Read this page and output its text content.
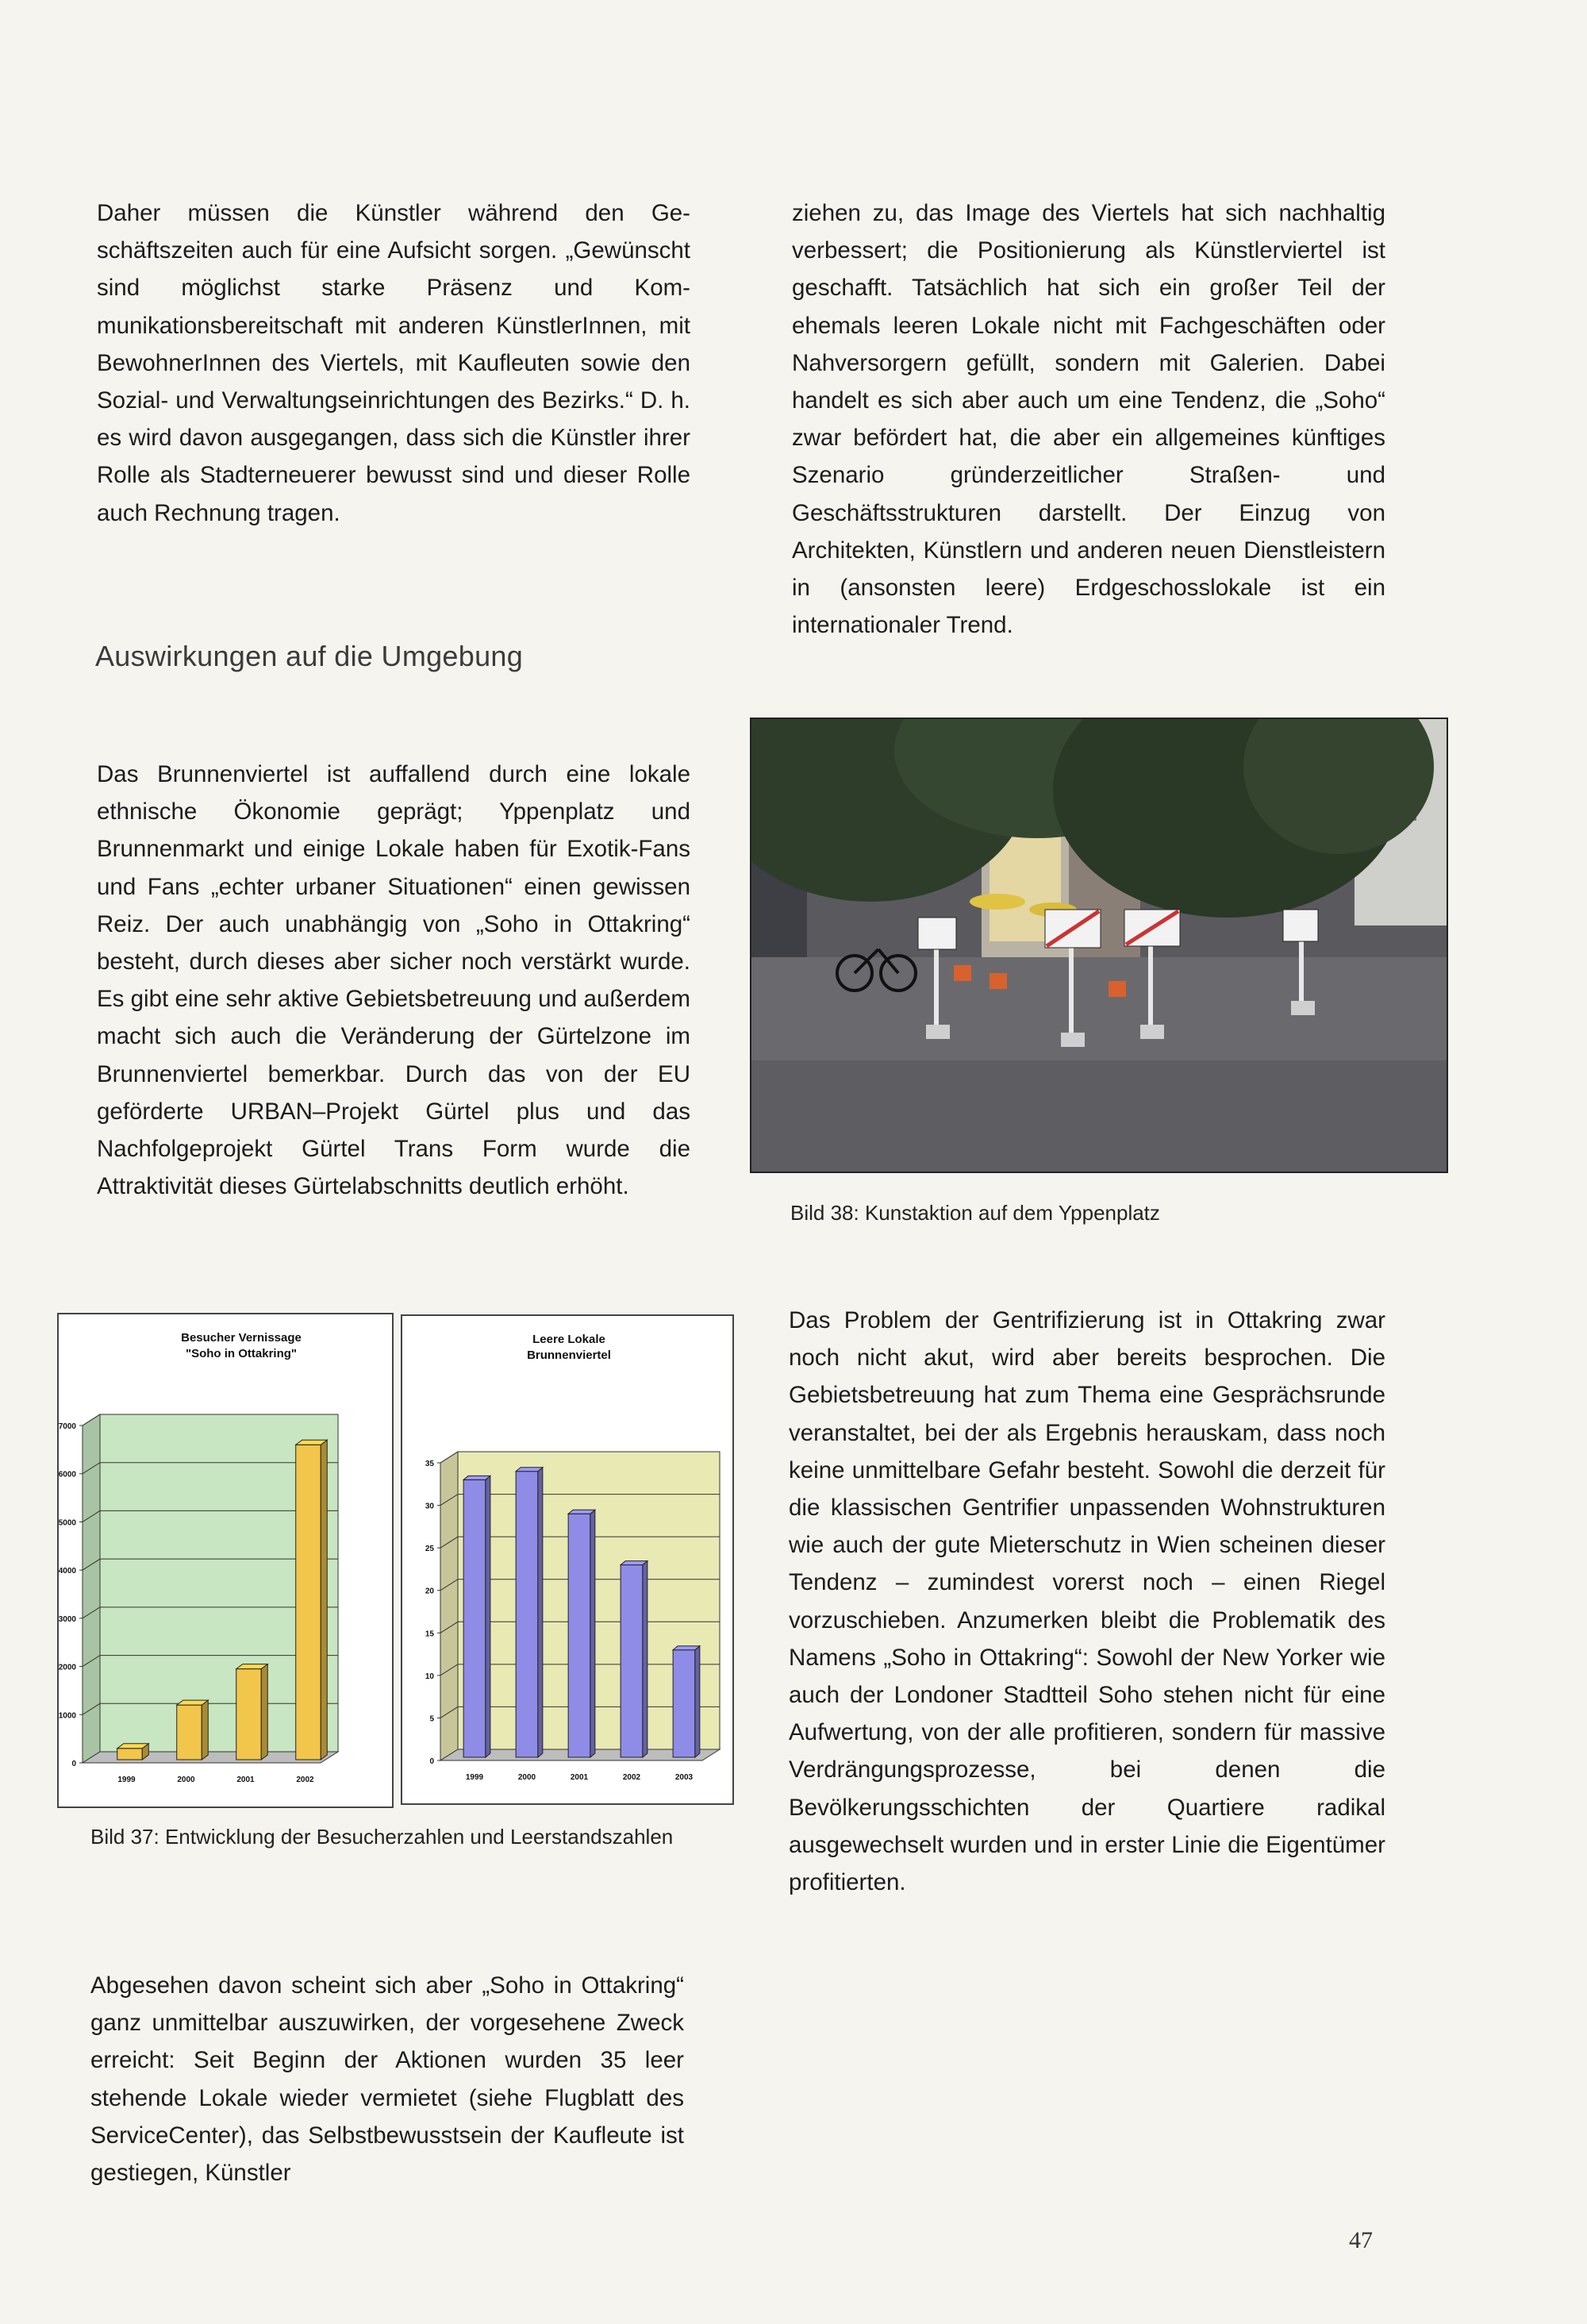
Daher müssen die Künstler während den Geschäftszeiten auch für eine Aufsicht sorgen. „Gewünscht sind möglichst starke Präsenz und Kommunikationsbereitschaft mit anderen KünstlerInnen, mit BewohnerInnen des Viertels, mit Kaufleuten sowie den Sozial- und Verwaltungseinrichtungen des Bezirks.“ D. h. es wird davon ausgegangen, dass sich die Künstler ihrer Rolle als Stadterneuerer bewusst sind und dieser Rolle auch Rechnung tragen.

Auswirkungen auf die Umgebung

Das Brunnenviertel ist auffallend durch eine lokale ethnische Ökonomie geprägt; Yppenplatz und Brunnenmarkt und einige Lokale haben für Exotik-Fans und Fans „echter urbaner Situationen“ einen gewissen Reiz. Der auch unabhängig von „Soho in Ottakring“ besteht, durch dieses aber sicher noch verstärkt wurde. Es gibt eine sehr aktive Gebietsbetreuung und außerdem macht sich auch die Veränderung der Gürtelzone im Brunnenviertel bemerkbar. Durch das von der EU geförderte URBAN–Projekt Gürtel plus und das Nachfolgeprojekt Gürtel Trans Form wurde die Attraktivität dieses Gürtelabschnitts deutlich erhöht.

Besucher Vernissage
"Soho in Ottakring"
0
1000
2000
3000
4000
5000
6000
7000
1999	2000	2001	2002
Leere Lokale
Brunnenviertel
0
5
10
15
20
25
30
35
1999	2000	2001	2002	2003

Bild 37: Entwicklung der Besucherzahlen und Leerstandszahlen

Abgesehen davon scheint sich aber „Soho in Ottakring“ ganz unmittelbar auszuwirken, der vorgesehene Zweck erreicht: Seit Beginn der Aktionen wurden 35 leer stehende Lokale wieder vermietet (siehe Flugblatt des ServiceCenter), das Selbstbewusstsein der Kaufleute ist gestiegen, Künstler

ziehen zu, das Image des Viertels hat sich nachhaltig verbessert; die Positionierung als Künstlerviertel ist geschafft. Tatsächlich hat sich ein großer Teil der ehemals leeren Lokale nicht mit Fachgeschäften oder Nahversorgern gefüllt, sondern mit Galerien. Dabei handelt es sich aber auch um eine Tendenz, die „Soho“ zwar befördert hat, die aber ein allgemeines künftiges Szenario gründerzeitlicher Straßen- und Geschäftsstrukturen darstellt. Der Einzug von Architekten, Künstlern und anderen neuen Dienstleistern in (ansonsten leere) Erdgeschosslokale ist ein internationaler Trend.

Bild 38: Kunstaktion auf dem Yppenplatz

Das Problem der Gentrifizierung ist in Ottakring zwar noch nicht akut, wird aber bereits besprochen. Die Gebietsbetreuung hat zum Thema eine Gesprächsrunde veranstaltet, bei der als Ergebnis herauskam, dass noch keine unmittelbare Gefahr besteht. Sowohl die derzeit für die klassischen Gentrifier unpassenden Wohnstrukturen wie auch der gute Mieterschutz in Wien scheinen dieser Tendenz – zumindest vorerst noch – einen Riegel vorzuschieben. Anzumerken bleibt die Problematik des Namens „Soho in Ottakring“: Sowohl der New Yorker wie auch der Londoner Stadtteil Soho stehen nicht für eine Aufwertung, von der alle profitieren, sondern für massive Verdrängungsprozesse, bei denen die Bevölkerungsschichten der Quartiere radikal ausgewechselt wurden und in erster Linie die Eigentümer profitierten.

47
